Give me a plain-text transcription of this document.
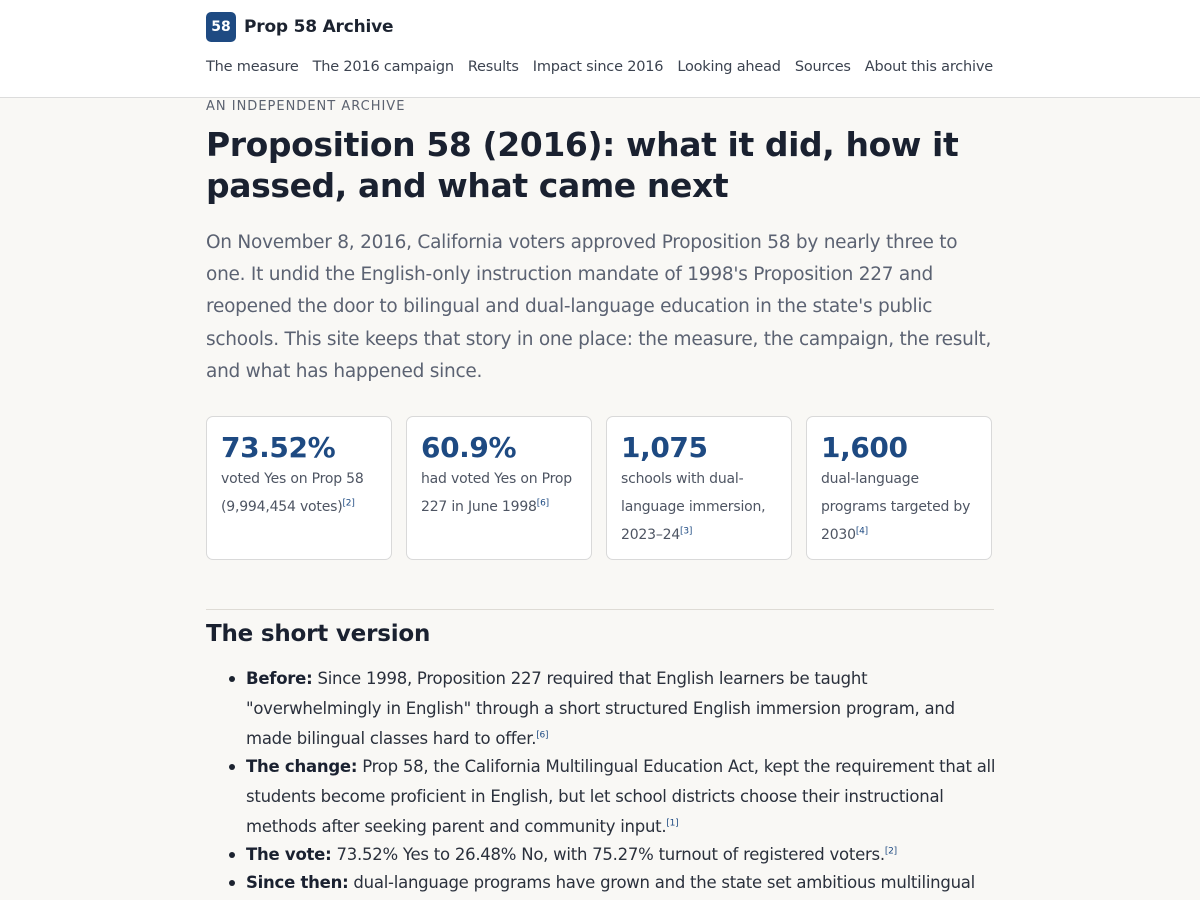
58 Prop 58 Archive
The measure The 2016 campaign Results Impact since 2016 Looking ahead Sources About this archive
AN INDEPENDENT ARCHIVE
Proposition 58 (2016): what it did, how it passed, and what came next

On November 8, 2016, California voters approved Proposition 58 by nearly three to one. It undid the English-only instruction mandate of 1998's Proposition 227 and reopened the door to bilingual and dual-language education in the state's public schools. This site keeps that story in one place: the measure, the campaign, the result, and what has happened since.

73.52%
voted Yes on Prop 58 (9,994,454 votes)[2]
60.9%
had voted Yes on Prop 227 in June 1998[6]
1,075
schools with dual-language immersion, 2023–24[3]
1,600
dual-language programs targeted by 2030[4]
The short version
Before: Since 1998, Proposition 227 required that English learners be taught "overwhelmingly in English" through a short structured English immersion program, and made bilingual classes hard to offer.[6]
The change: Prop 58, the California Multilingual Education Act, kept the requirement that all students become proficient in English, but let school districts choose their instructional methods after seeking parent and community input.[1]
The vote: 73.52% Yes to 26.48% No, with 75.27% turnout of registered voters.[2]
Since then: dual-language programs have grown and the state set ambitious multilingual
